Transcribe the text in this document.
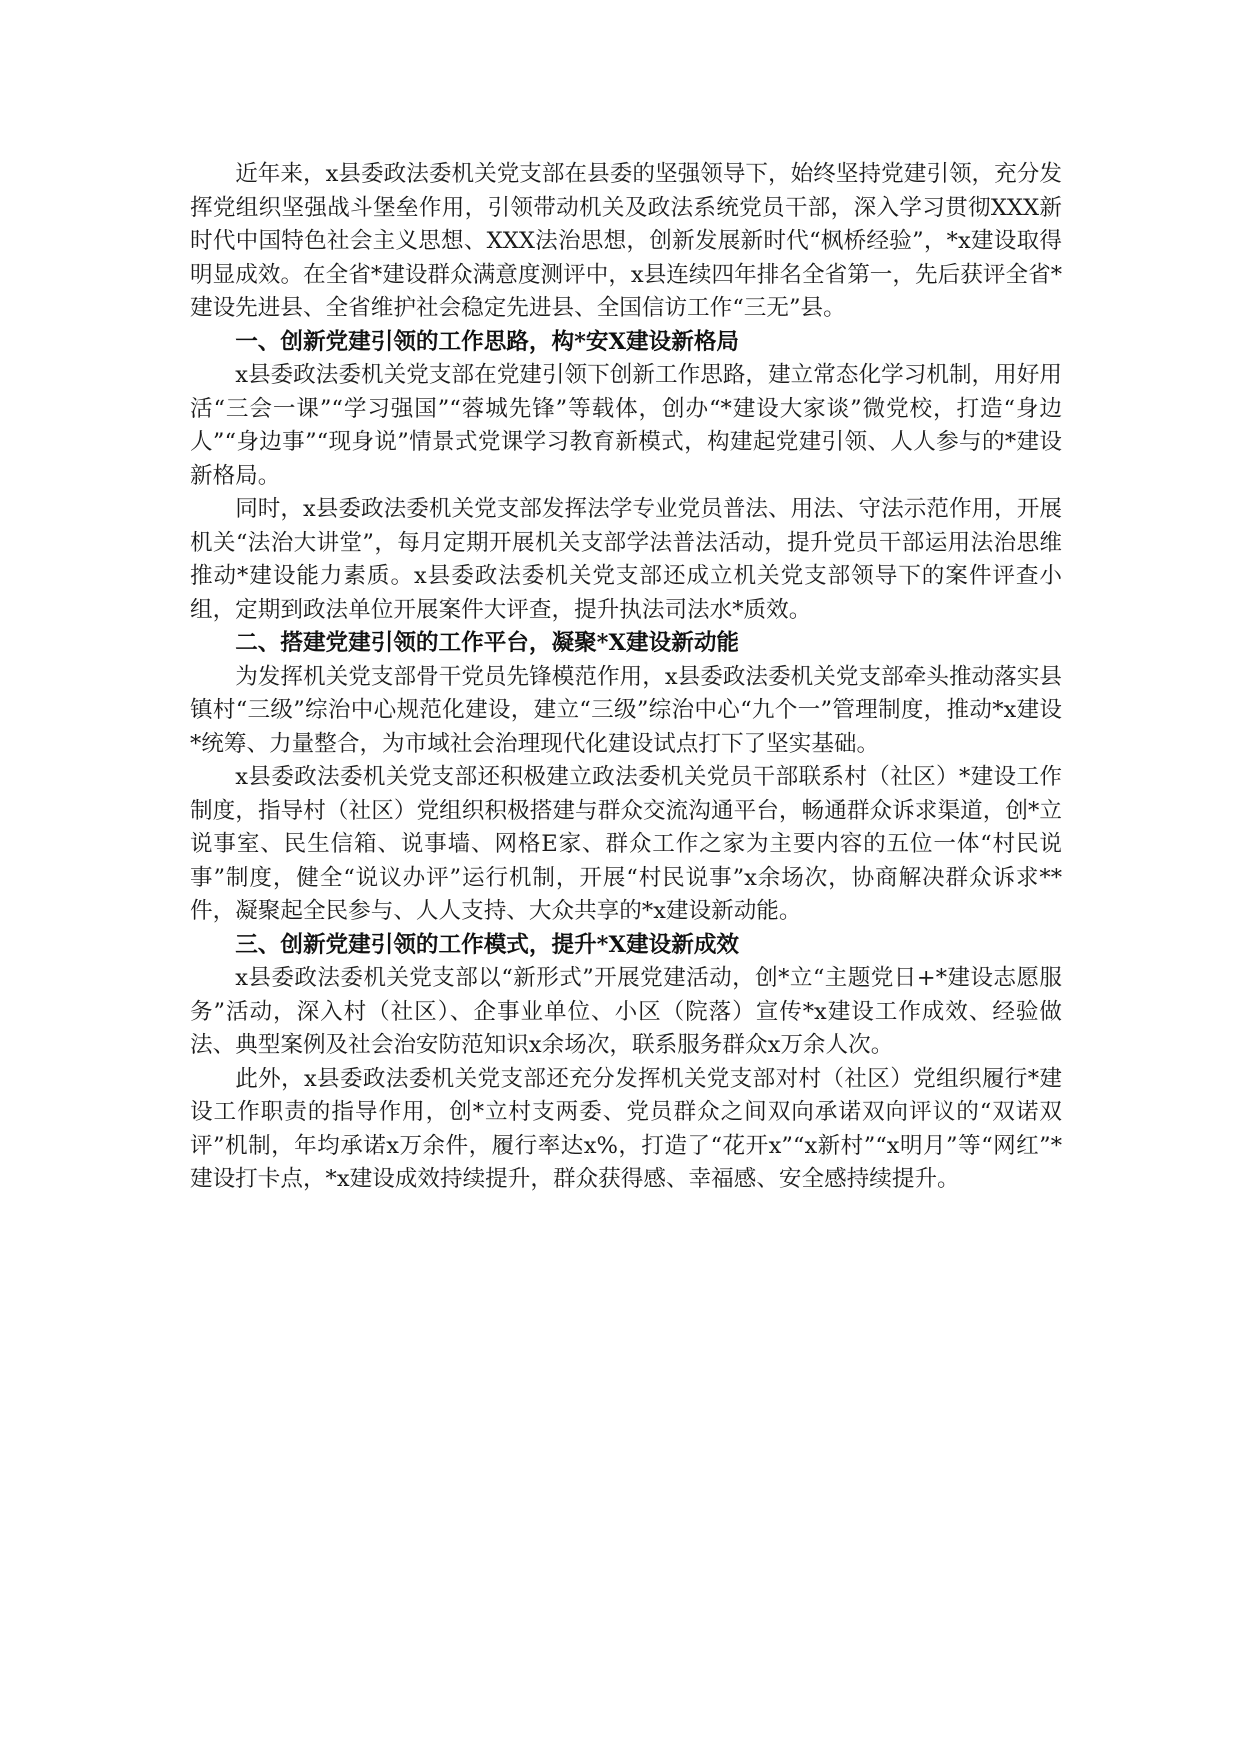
近年来，x县委政法委机关党支部在县委的坚强领导下，始终坚持党建引领，充分发挥党组织坚强战斗堡垒作用，引领带动机关及政法系统党员干部，深入学习贯彻XXX新时代中国特色社会主义思想、XXX法治思想，创新发展新时代“枫桥经验”，*x建设取得明显成效。在全省*建设群众满意度测评中，x县连续四年排名全省第一，先后获评全省*建设先进县、全省维护社会稳定先进县、全国信访工作“三无”县。

一、创新党建引领的工作思路，构*安X建设新格局

x县委政法委机关党支部在党建引领下创新工作思路，建立常态化学习机制，用好用活“三会一课”“学习强国”“蓉城先锋”等载体，创办“*建设大家谈”微党校，打造“身边人”“身边事”“现身说”情景式党课学习教育新模式，构建起党建引领、人人参与的*建设新格局。

同时，x县委政法委机关党支部发挥法学专业党员普法、用法、守法示范作用，开展机关“法治大讲堂”，每月定期开展机关支部学法普法活动，提升党员干部运用法治思维推动*建设能力素质。x县委政法委机关党支部还成立机关党支部领导下的案件评查小组，定期到政法单位开展案件大评查，提升执法司法水*质效。

二、搭建党建引领的工作平台，凝聚*X建设新动能

为发挥机关党支部骨干党员先锋模范作用，x县委政法委机关党支部牵头推动落实县镇村“三级”综治中心规范化建设，建立“三级”综治中心“九个一”管理制度，推动*x建设*统筹、力量整合，为市域社会治理现代化建设试点打下了坚实基础。

x县委政法委机关党支部还积极建立政法委机关党员干部联系村（社区）*建设工作制度，指导村（社区）党组织积极搭建与群众交流沟通平台，畅通群众诉求渠道，创*立说事室、民生信箱、说事墙、网格E家、群众工作之家为主要内容的五位一体“村民说事”制度，健全“说议办评”运行机制，开展“村民说事”x余场次，协商解决群众诉求**件，凝聚起全民参与、人人支持、大众共享的*x建设新动能。

三、创新党建引领的工作模式，提升*X建设新成效

x县委政法委机关党支部以“新形式”开展党建活动，创*立“主题党日+*建设志愿服务”活动，深入村（社区）、企事业单位、小区（院落）宣传*x建设工作成效、经验做法、典型案例及社会治安防范知识x余场次，联系服务群众x万余人次。

此外，x县委政法委机关党支部还充分发挥机关党支部对村（社区）党组织履行*建设工作职责的指导作用，创*立村支两委、党员群众之间双向承诺双向评议的“双诺双评”机制，年均承诺x万余件，履行率达x%，打造了“花开x”“x新村”“x明月”等“网红”*建设打卡点，*x建设成效持续提升，群众获得感、幸福感、安全感持续提升。
